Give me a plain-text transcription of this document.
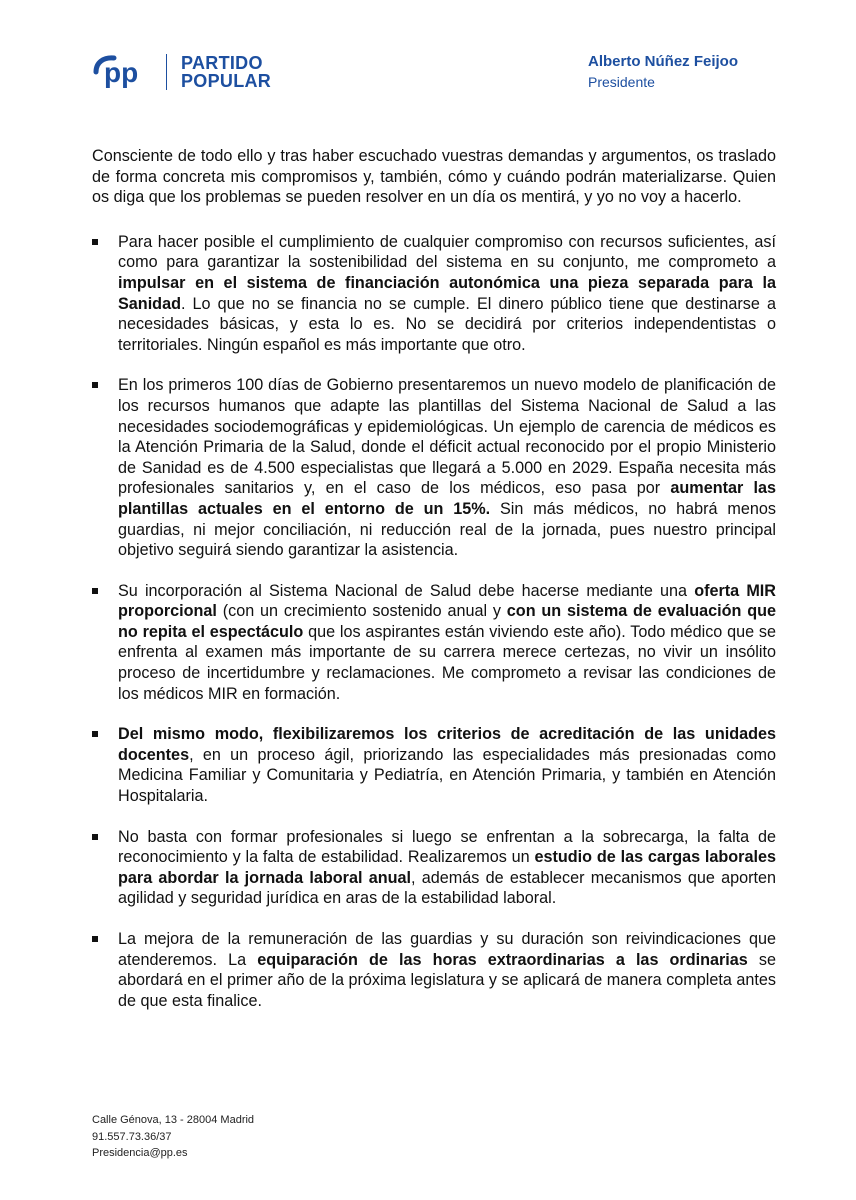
pp PARTIDO
POPULAR
Alberto Núñez Feijoo
Presidente

Consciente de todo ello y tras haber escuchado vuestras demandas y argumentos, os traslado de forma concreta mis compromisos y, también, cómo y cuándo podrán materializarse. Quien os diga que los problemas se pueden resolver en un día os mentirá, y yo no voy a hacerlo.

Para hacer posible el cumplimiento de cualquier compromiso con recursos suficientes, así como para garantizar la sostenibilidad del sistema en su conjunto, me comprometo a impulsar en el sistema de financiación autonómica una pieza separada para la Sanidad. Lo que no se financia no se cumple. El dinero público tiene que destinarse a necesidades básicas, y esta lo es. No se decidirá por criterios independentistas o territoriales. Ningún español es más importante que otro.
En los primeros 100 días de Gobierno presentaremos un nuevo modelo de planificación de los recursos humanos que adapte las plantillas del Sistema Nacional de Salud a las necesidades sociodemográficas y epidemiológicas. Un ejemplo de carencia de médicos es la Atención Primaria de la Salud, donde el déficit actual reconocido por el propio Ministerio de Sanidad es de 4.500 especialistas que llegará a 5.000 en 2029. España necesita más profesionales sanitarios y, en el caso de los médicos, eso pasa por aumentar las plantillas actuales en el entorno de un 15%. Sin más médicos, no habrá menos guardias, ni mejor conciliación, ni reducción real de la jornada, pues nuestro principal objetivo seguirá siendo garantizar la asistencia.
Su incorporación al Sistema Nacional de Salud debe hacerse mediante una oferta MIR proporcional (con un crecimiento sostenido anual y con un sistema de evaluación que no repita el espectáculo que los aspirantes están viviendo este año). Todo médico que se enfrenta al examen más importante de su carrera merece certezas, no vivir un insólito proceso de incertidumbre y reclamaciones. Me comprometo a revisar las condiciones de los médicos MIR en formación.
Del mismo modo, flexibilizaremos los criterios de acreditación de las unidades docentes, en un proceso ágil, priorizando las especialidades más presionadas como Medicina Familiar y Comunitaria y Pediatría, en Atención Primaria, y también en Atención Hospitalaria.
No basta con formar profesionales si luego se enfrentan a la sobrecarga, la falta de reconocimiento y la falta de estabilidad. Realizaremos un estudio de las cargas laborales para abordar la jornada laboral anual, además de establecer mecanismos que aporten agilidad y seguridad jurídica en aras de la estabilidad laboral.
La mejora de la remuneración de las guardias y su duración son reivindicaciones que atenderemos. La equiparación de las horas extraordinarias a las ordinarias se abordará en el primer año de la próxima legislatura y se aplicará de manera completa antes de que esta finalice.
Calle Génova, 13 - 28004 Madrid
91.557.73.36/37
Presidencia@pp.es
